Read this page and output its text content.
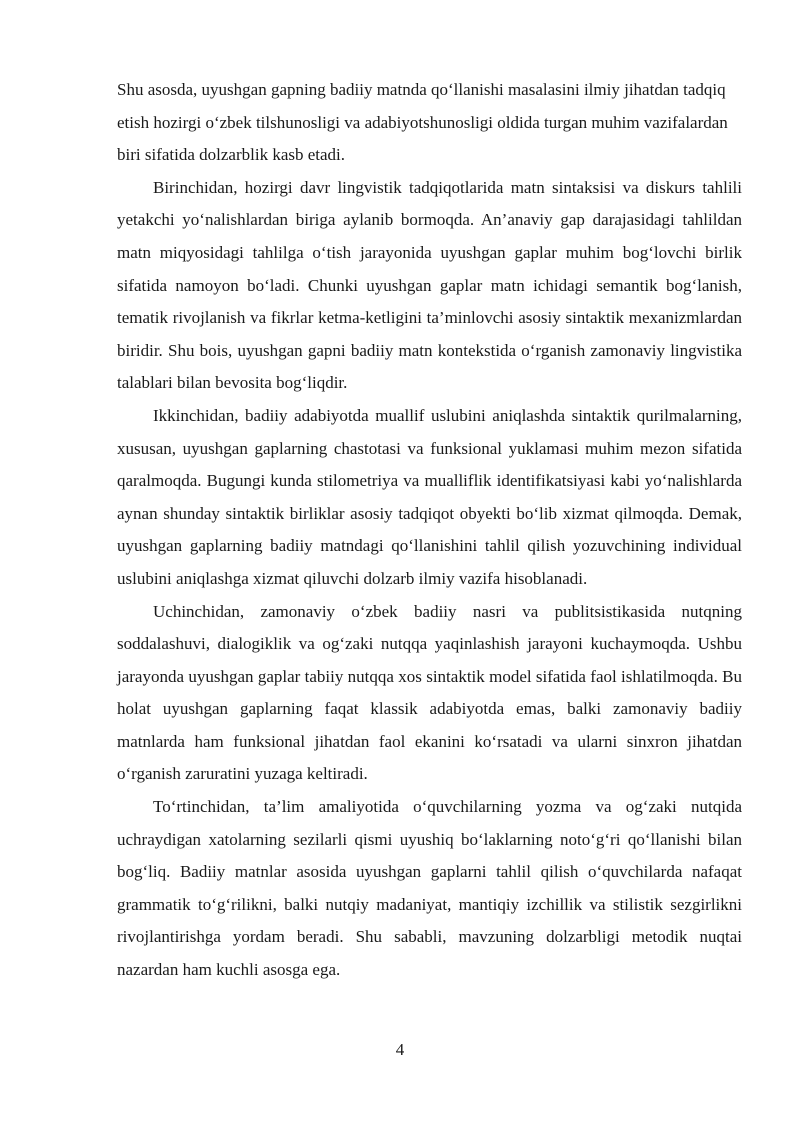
Shu asosda, uyushgan gapning badiiy matnda qo‘llanishi masalasini ilmiy jihatdan tadqiq etish hozirgi o‘zbek tilshunosligi va adabiyotshunosligi oldida turgan muhim vazifalardan biri sifatida dolzarblik kasb etadi.

Birinchidan, hozirgi davr lingvistik tadqiqotlarida matn sintaksisi va diskurs tahlili yetakchi yo‘nalishlardan biriga aylanib bormoqda. An’anaviy gap darajasidagi tahlildan matn miqyosidagi tahlilga o‘tish jarayonida uyushgan gaplar muhim bog‘lovchi birlik sifatida namoyon bo‘ladi. Chunki uyushgan gaplar matn ichidagi semantik bog‘lanish, tematik rivojlanish va fikrlar ketma-ketligini ta’minlovchi asosiy sintaktik mexanizmlardan biridir. Shu bois, uyushgan gapni badiiy matn kontekstida o‘rganish zamonaviy lingvistika talablari bilan bevosita bog‘liqdir.

Ikkinchidan, badiiy adabiyotda muallif uslubini aniqlashda sintaktik qurilmalarning, xususan, uyushgan gaplarning chastotasi va funksional yuklamasi muhim mezon sifatida qaralmoqda. Bugungi kunda stilometriya va mualliflik identifikatsiyasi kabi yo‘nalishlarda aynan shunday sintaktik birliklar asosiy tadqiqot obyekti bo‘lib xizmat qilmoqda. Demak, uyushgan gaplarning badiiy matndagi qo‘llanishini tahlil qilish yozuvchining individual uslubini aniqlashga xizmat qiluvchi dolzarb ilmiy vazifa hisoblanadi.

Uchinchidan, zamonaviy o‘zbek badiiy nasri va publitsistikasida nutqning soddalashuvi, dialogiklik va og‘zaki nutqqa yaqinlashish jarayoni kuchaymoqda. Ushbu jarayonda uyushgan gaplar tabiiy nutqqa xos sintaktik model sifatida faol ishlatilmoqda. Bu holat uyushgan gaplarning faqat klassik adabiyotda emas, balki zamonaviy badiiy matnlarda ham funksional jihatdan faol ekanini ko‘rsatadi va ularni sinxron jihatdan o‘rganish zaruratini yuzaga keltiradi.

To‘rtinchidan, ta’lim amaliyotida o‘quvchilarning yozma va og‘zaki nutqida uchraydigan xatolarning sezilarli qismi uyushiq bo‘laklarning noto‘g‘ri qo‘llanishi bilan bog‘liq. Badiiy matnlar asosida uyushgan gaplarni tahlil qilish o‘quvchilarda nafaqat grammatik to‘g‘rilikni, balki nutqiy madaniyat, mantiqiy izchillik va stilistik sezgirlikni rivojlantirishga yordam beradi. Shu sababli, mavzuning dolzarbligi metodik nuqtai nazardan ham kuchli asosga ega.

4
